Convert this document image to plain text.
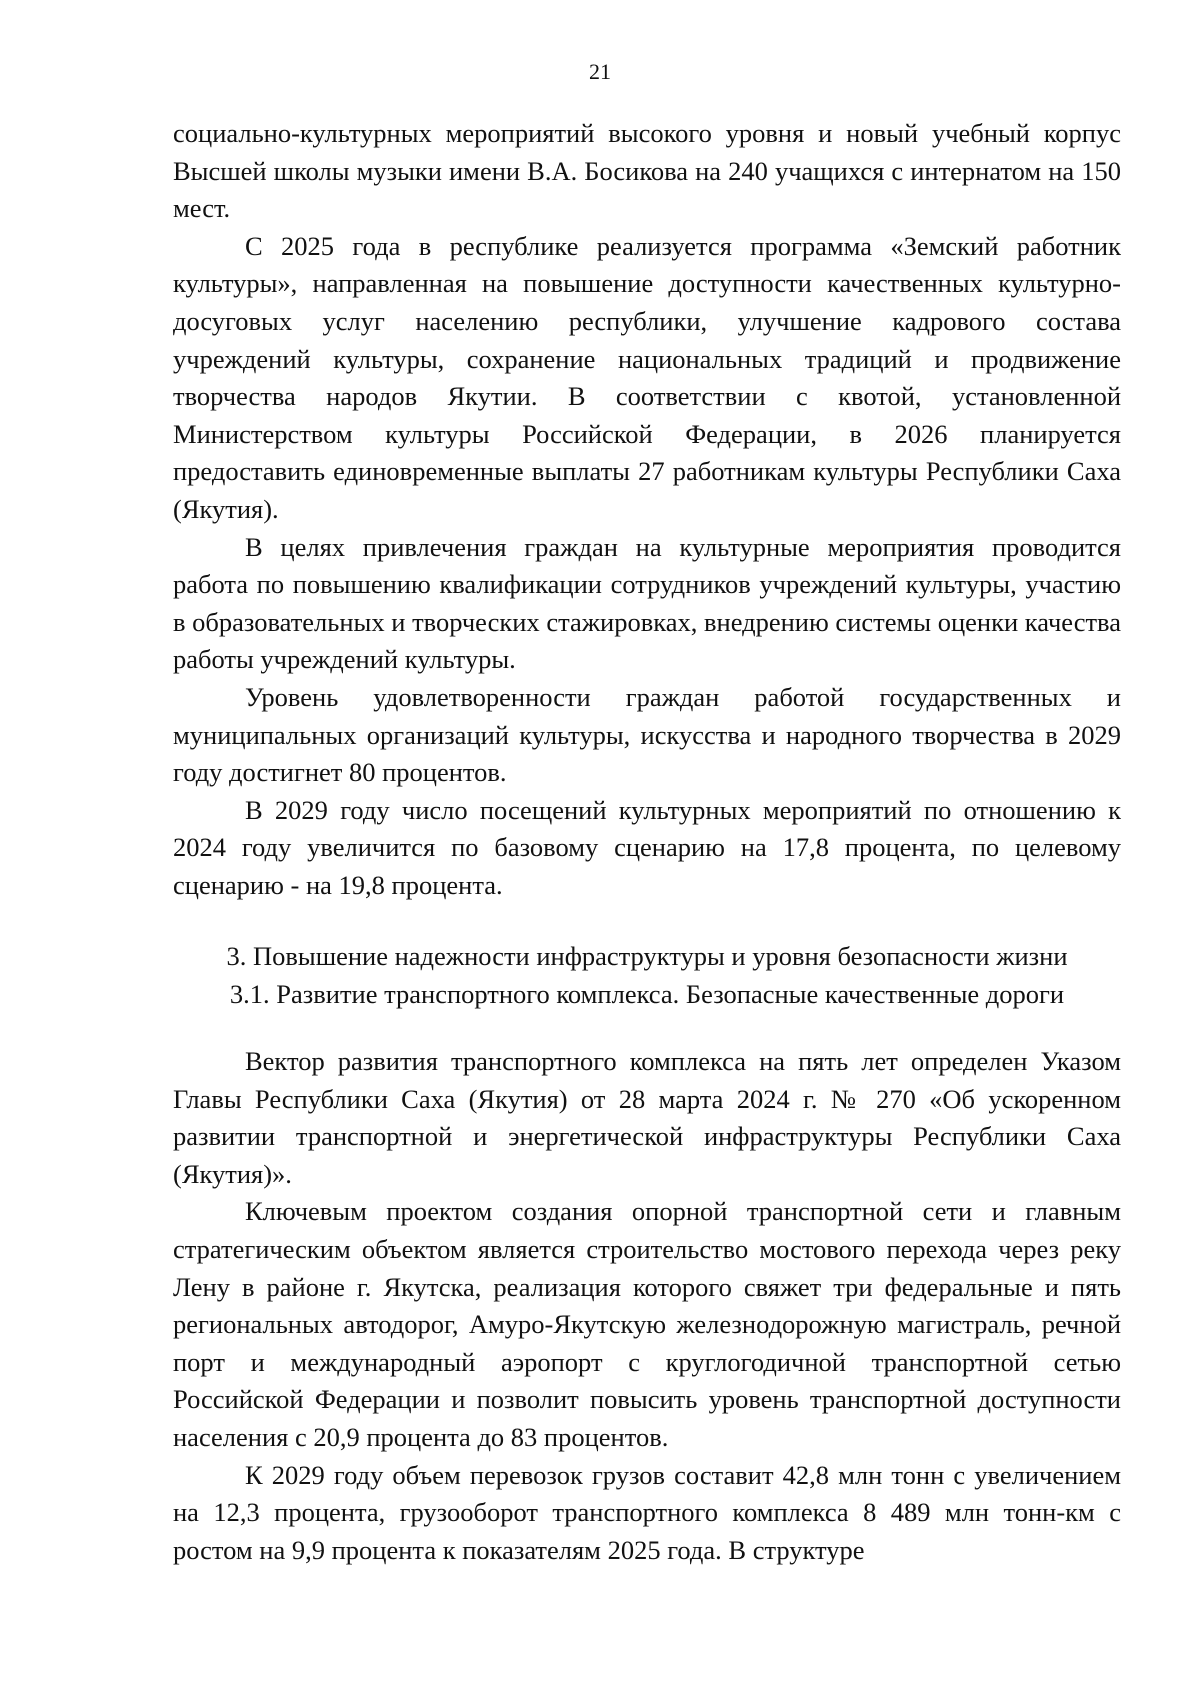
21

социально-культурных мероприятий высокого уровня и новый учебный корпус Высшей школы музыки имени В.А. Босикова на 240 учащихся с интернатом на 150 мест.

С 2025 года в республике реализуется программа «Земский работник культуры», направленная на повышение доступности качественных культурно-досуговых услуг населению республики, улучшение кадрового состава учреждений культуры, сохранение национальных традиций и продвижение творчества народов Якутии. В соответствии с квотой, установленной Министерством культуры Российской Федерации, в 2026 планируется предоставить единовременные выплаты 27 работникам культуры Республики Саха (Якутия).

В целях привлечения граждан на культурные мероприятия проводится работа по повышению квалификации сотрудников учреждений культуры, участию в образовательных и творческих стажировках, внедрению системы оценки качества работы учреждений культуры.

Уровень удовлетворенности граждан работой государственных и муниципальных организаций культуры, искусства и народного творчества в 2029 году достигнет 80 процентов.

В 2029 году число посещений культурных мероприятий по отношению к 2024 году увеличится по базовому сценарию на 17,8 процента, по целевому сценарию - на 19,8 процента.

3. Повышение надежности инфраструктуры и уровня безопасности жизни

3.1. Развитие транспортного комплекса. Безопасные качественные дороги

Вектор развития транспортного комплекса на пять лет определен Указом Главы Республики Саха (Якутия) от 28 марта 2024 г. № 270 «Об ускоренном развитии транспортной и энергетической инфраструктуры Республики Саха (Якутия)».

Ключевым проектом создания опорной транспортной сети и главным стратегическим объектом является строительство мостового перехода через реку Лену в районе г. Якутска, реализация которого свяжет три федеральные и пять региональных автодорог, Амуро-Якутскую железнодорожную магистраль, речной порт и международный аэропорт с круглогодичной транспортной сетью Российской Федерации и позволит повысить уровень транспортной доступности населения с 20,9 процента до 83 процентов.

К 2029 году объем перевозок грузов составит 42,8 млн тонн с увеличением на 12,3 процента, грузооборот транспортного комплекса 8 489 млн тонн-км с ростом на 9,9 процента к показателям 2025 года. В структуре
